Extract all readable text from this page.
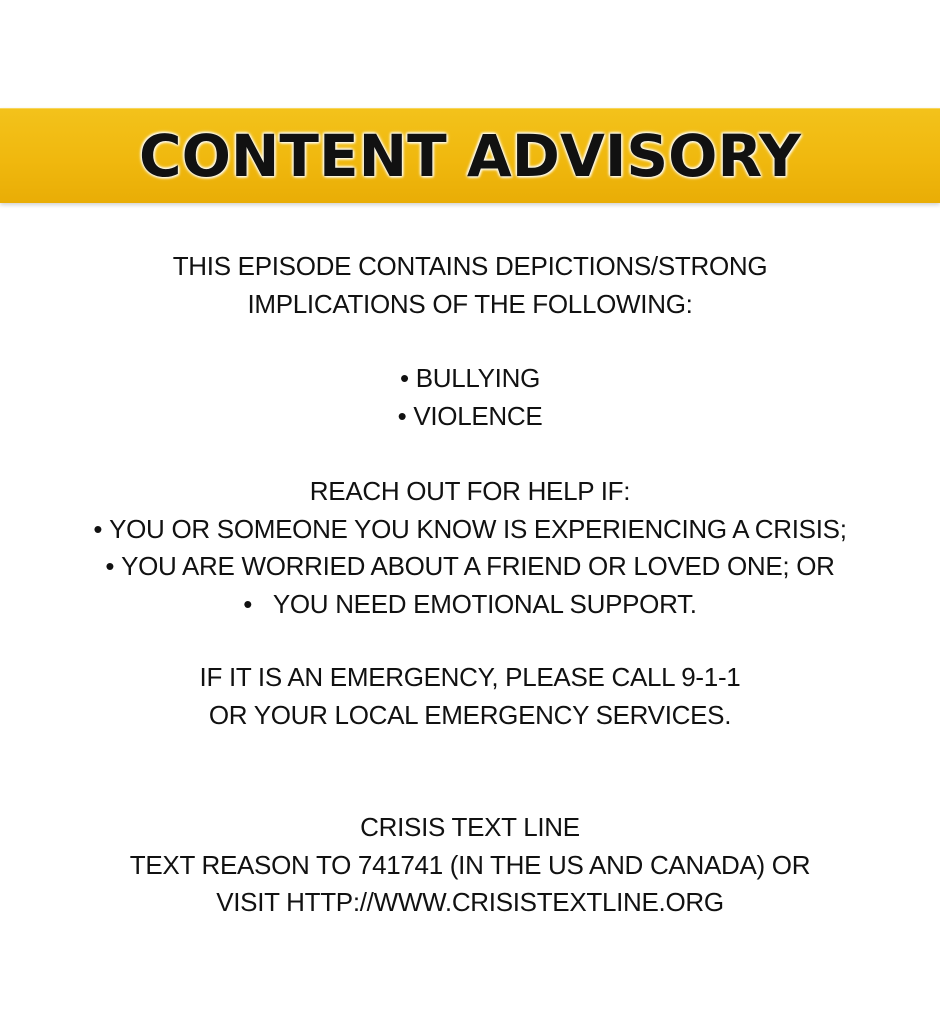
CONTENT ADVISORY
THIS EPISODE CONTAINS DEPICTIONS/STRONG
IMPLICATIONS OF THE FOLLOWING:
• BULLYING
• VIOLENCE
REACH OUT FOR HELP IF:
• YOU OR SOMEONE YOU KNOW IS EXPERIENCING A CRISIS;
• YOU ARE WORRIED ABOUT A FRIEND OR LOVED ONE; OR
•   YOU NEED EMOTIONAL SUPPORT.
IF IT IS AN EMERGENCY, PLEASE CALL 9-1-1
OR YOUR LOCAL EMERGENCY SERVICES.
CRISIS TEXT LINE
TEXT REASON TO 741741 (IN THE US AND CANADA) OR
VISIT HTTP://WWW.CRISISTEXTLINE.ORG
